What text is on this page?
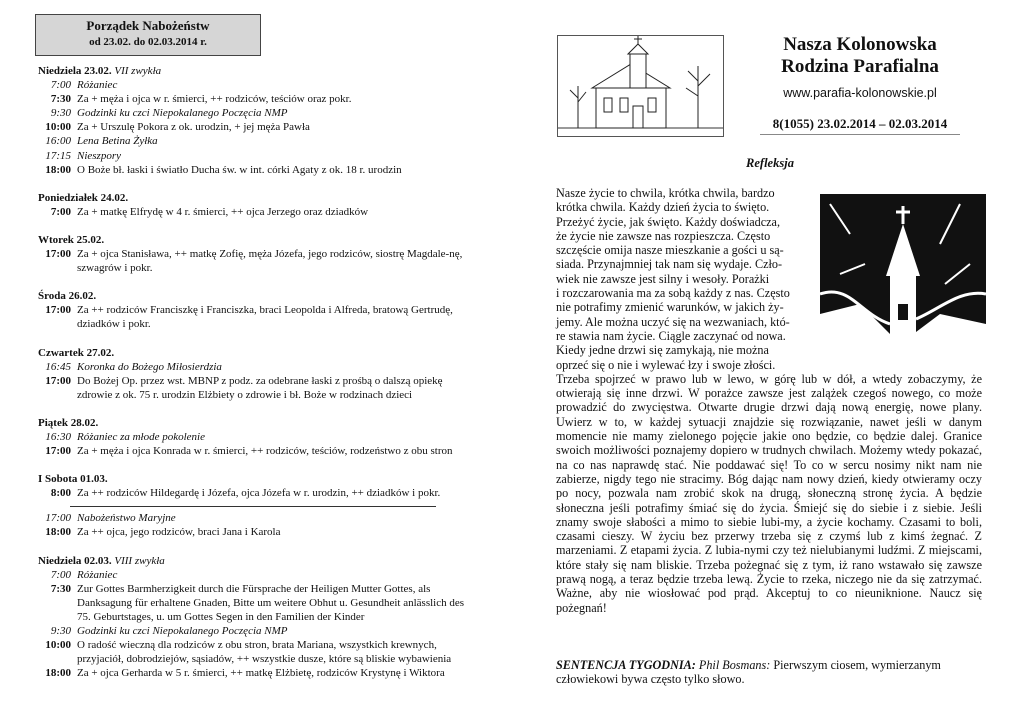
Porządek Nabożeństw
od 23.02. do 02.03.2014 r.
Niedziela 23.02. VII zwykła
7:00 Różaniec
7:30 Za + męża i ojca w r. śmierci, ++ rodziców, teściów oraz pokr.
9:30 Godzinki ku czci Niepokalanego Poczęcia NMP
10:00 Za + Urszulę Pokora z ok. urodzin, + jej męża Pawła
16:00 Lena Betina Żyłka
17:15 Nieszpory
18:00 O Boże bł. łaski i światło Ducha św. w int. córki Agaty z ok. 18 r. urodzin
Poniedziałek 24.02.
7:00 Za + matkę Elfrydę w 4 r. śmierci, ++ ojca Jerzego oraz dziadków
Wtorek 25.02.
17:00 Za + ojca Stanisława, ++ matkę Zofię, męża Józefa, jego rodziców, siostrę Magdale-nę, szwagrów i pokr.
Środa 26.02.
17:00 Za ++ rodziców Franciszkę i Franciszka, braci Leopolda i Alfreda, bratową Gertrudę, dziadków i pokr.
Czwartek 27.02.
16:45 Koronka do Bożego Miłosierdzia
17:00 Do Bożej Op. przez wst. MBNP z podz. za odebrane łaski z prośbą o dalszą opiekę zdrowie z ok. 75 r. urodzin Elżbiety o zdrowie i bł. Boże w rodzinach dzieci
Piątek 28.02.
16:30 Różaniec za młode pokolenie
17:00 Za + męża i ojca Konrada w r. śmierci, ++ rodziców, teściów, rodzeństwo z obu stron
I Sobota 01.03.
8:00 Za ++ rodziców Hildegardę i Józefa, ojca Józefa w r. urodzin, ++ dziadków i pokr.
17:00 Nabożeństwo Maryjne
18:00 Za ++ ojca, jego rodziców, braci Jana i Karola
Niedziela 02.03. VIII zwykła
7:00 Różaniec
7:30 Zur Gottes Barmherzigkeit durch die Fürsprache der Heiligen Mutter Gottes, als Danksagung für erhaltene Gnaden, Bitte um weitere Obhut u. Gesundheit anlässlich des 75. Geburtstages, u. um Gottes Segen in den Familien der Kinder
9:30 Godzinki ku czci Niepokalanego Poczęcia NMP
10:00 O radość wieczną dla rodziców z obu stron, brata Mariana, wszystkich krewnych, przyjaciół, dobrodziejów, sąsiadów, ++ wszystkie dusze, które są bliskie wybawienia
18:00 Za + ojca Gerharda w 5 r. śmierci, ++ matkę Elżbietę, rodziców Krystynę i Wiktora
Nasza Kolonowska
Rodzina Parafialna
www.parafia-kolonowskie.pl
8(1055) 23.02.2014 – 02.03.2014
Refleksja
Nasze życie to chwila, krótka chwila, bardzo
krótka chwila. Każdy dzień życia to święto.
Przeżyć życie, jak święto. Każdy doświadcza,
że życie nie zawsze nas rozpieszcza. Często
szczęście omija nasze mieszkanie a gości u są-
siada. Przynajmniej tak nam się wydaje. Czło-
wiek nie zawsze jest silny i wesoły. Porażki
i rozczarowania ma za sobą każdy z nas. Często
nie potrafimy zmienić warunków, w jakich ży-
jemy. Ale można uczyć się na wezwaniach, któ-
re stawia nam życie. Ciągle zaczynać od nowa.
Kiedy jedne drzwi się zamykają, nie można
oprzeć się o nie i wylewać łzy i swoje złości.
Trzeba spojrzeć w prawo lub w lewo, w górę lub w dół, a wtedy zobaczymy, że otwierają się inne drzwi. W porażce zawsze jest zalążek czegoś nowego, co może prowadzić do zwycięstwa. Otwarte drugie drzwi dają nową energię, nowe plany. Uwierz w to, w każdej sytuacji znajdzie się rozwiązanie, nawet jeśli w danym momencie nie mamy zielonego pojęcie jakie ono będzie, co będzie dalej. Granice swoich możliwości poznajemy dopiero w trudnych chwilach. Możemy wtedy pokazać, na co nas naprawdę stać. Nie poddawać się! To co w sercu nosimy nikt nam nie zabierze, nigdy tego nie stracimy. Bóg dając nam nowy dzień, kiedy otwieramy oczy po nocy, pozwala nam zrobić skok na drugą, słoneczną stronę życia. A będzie słoneczna jeśli potrafimy śmiać się do życia. Śmiejć się do siebie i z siebie. Jeśli znamy swoje słabości a mimo to siebie lubi-my, a życie kochamy. Czasami to boli, czasami cieszy. W życiu bez przerwy trzeba się z czymś lub z kimś żegnać. Z marzeniami. Z etapami życia. Z lubia-nymi czy też nielubianymi ludźmi. Z miejscami, które stały się nam bliskie. Trzeba pożegnać się z tym, iż rano wstawało się zawsze prawą nogą, a teraz będzie trzeba lewą. Życie to rzeka, niczego nie da się zatrzymać. Ważne, aby nie wiosłować pod prąd. Akceptuj to co nieuniknione. Naucz się pożegnań!
SENTENCJA TYGODNIA: Phil Bosmans: Pierwszym ciosem, wymierzanym człowiekowi bywa często tylko słowo.
